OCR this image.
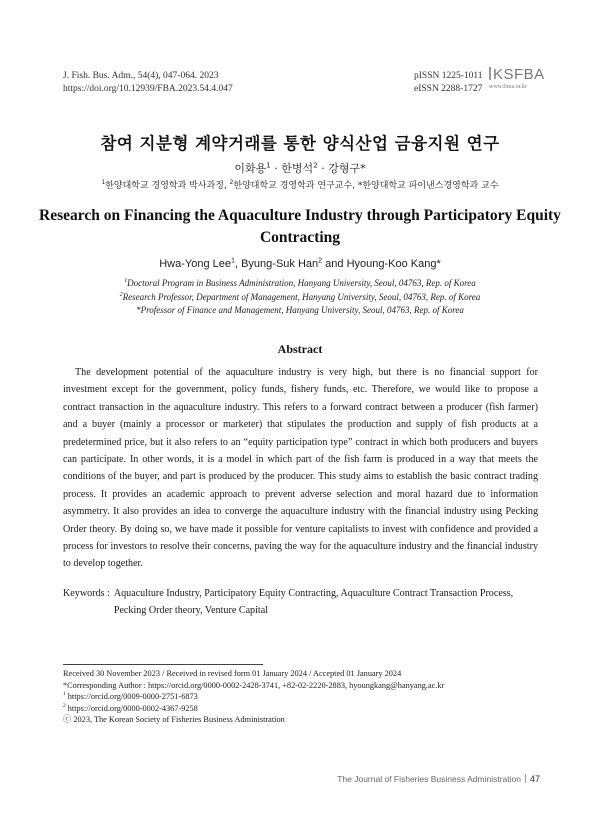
J. Fish. Bus. Adm., 54(4), 047-064. 2023
https://doi.org/10.12939/FBA.2023.54.4.047
pISSN 1225-1011
eISSN 2288-1727
KSFBA
www.fima.or.kr
참여 지분형 계약거래를 통한 양식산업 금융지원 연구
이화용$^1$ · 한병석$^2$ · 강형구*
$^1$한양대학교 경영학과 박사과정, $^2$한양대학교 경영학과 연구교수, *한양대학교 파이낸스경영학과 교수
Research on Financing the Aquaculture Industry through Participatory Equity Contracting
Hwa-Yong Lee$^1$, Byung-Suk Han$^2$ and Hyoung-Koo Kang*
$^1$Doctoral Program in Business Administration, Hanyang University, Seoul, 04763, Rep. of Korea
$^2$Research Professor, Department of Management, Hanyang University, Seoul, 04763, Rep. of Korea
*Professor of Finance and Management, Hanyang University, Seoul, 04763, Rep. of Korea
Abstract
The development potential of the aquaculture industry is very high, but there is no financial support for investment except for the government, policy funds, fishery funds, etc. Therefore, we would like to propose a contract transaction in the aquaculture industry. This refers to a forward contract between a producer (fish farmer) and a buyer (mainly a processor or marketer) that stipulates the production and supply of fish products at a predetermined price, but it also refers to an “equity participation type” contract in which both producers and buyers can participate. In other words, it is a model in which part of the fish farm is produced in a way that meets the conditions of the buyer, and part is produced by the producer. This study aims to establish the basic contract trading process. It provides an academic approach to prevent adverse selection and moral hazard due to information asymmetry. It also provides an idea to converge the aquaculture industry with the financial industry using Pecking Order theory. By doing so, we have made it possible for venture capitalists to invest with confidence and provided a process for investors to resolve their concerns, paving the way for the aquaculture industry and the financial industry to develop together.
Keywords : Aquaculture Industry, Participatory Equity Contracting, Aquaculture Contract Transaction Process, Pecking Order theory, Venture Capital
Received 30 November 2023 / Received in revised form 01 January 2024 / Accepted 01 January 2024
*Corresponding Author : https://orcid.org/0000-0002-2428-3741, +82-02-2220-2883, hyoungkang@hanyang.ac.kr
$^1$ https://orcid.org/0009-0000-2751-6873
$^2$ https://orcid.org/0000-0002-4367-9258
ⓒ 2023, The Korean Society of Fisheries Business Administration
The Journal of Fisheries Business Administration 47
